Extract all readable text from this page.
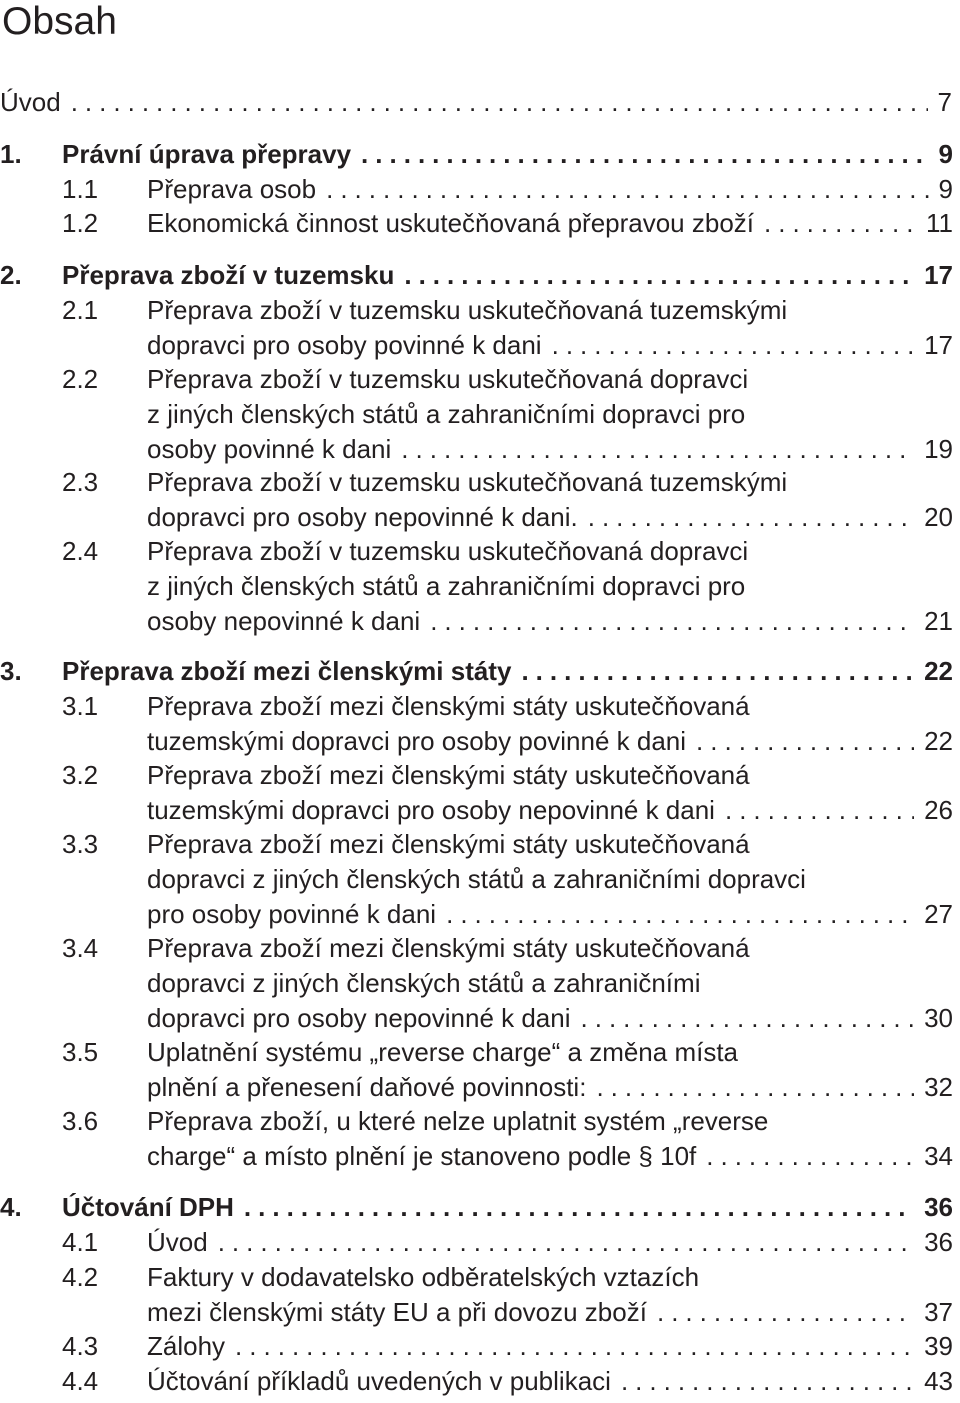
Obsah
Úvod .....	7
1. Právní úprava přepravy .....	9
1.1 Přeprava osob .....	9
1.2 Ekonomická činnost uskutečňovaná přepravou zboží .....	11
2. Přeprava zboží v tuzemsku .....	17
2.1 Přeprava zboží v tuzemsku uskutečňovaná tuzemskými
dopravci pro osoby povinné k dani .....	17
2.2 Přeprava zboží v tuzemsku uskutečňovaná dopravci
z jiných členských států a zahraničními dopravci pro
osoby povinné k dani .....	19
2.3 Přeprava zboží v tuzemsku uskutečňovaná tuzemskými
dopravci pro osoby nepovinné k dani. .....	20
2.4 Přeprava zboží v tuzemsku uskutečňovaná dopravci
z jiných členských států a zahraničními dopravci pro
osoby nepovinné k dani .....	21
3. Přeprava zboží mezi členskými státy .....	22
3.1 Přeprava zboží mezi členskými státy uskutečňovaná
tuzemskými dopravci pro osoby povinné k dani .....	22
3.2 Přeprava zboží mezi členskými státy uskutečňovaná
tuzemskými dopravci pro osoby nepovinné k dani .....	26
3.3 Přeprava zboží mezi členskými státy uskutečňovaná
dopravci z jiných členských států a zahraničními dopravci
pro osoby povinné k dani .....	27
3.4 Přeprava zboží mezi členskými státy uskutečňovaná
dopravci z jiných členských států a zahraničními
dopravci pro osoby nepovinné k dani .....	30
3.5 Uplatnění systému „reverse charge“ a změna místa
plnění a přenesení daňové povinnosti: .....	32
3.6 Přeprava zboží, u které nelze uplatnit systém „reverse
charge“ a místo plnění je stanoveno podle § 10f .....	34
4. Účtování DPH .....	36
4.1 Úvod .....	36
4.2 Faktury v dodavatelsko odběratelských vztazích
mezi členskými státy EU a při dovozu zboží .....	37
4.3 Zálohy .....	39
4.4 Účtování příkladů uvedených v publikaci .....	43
